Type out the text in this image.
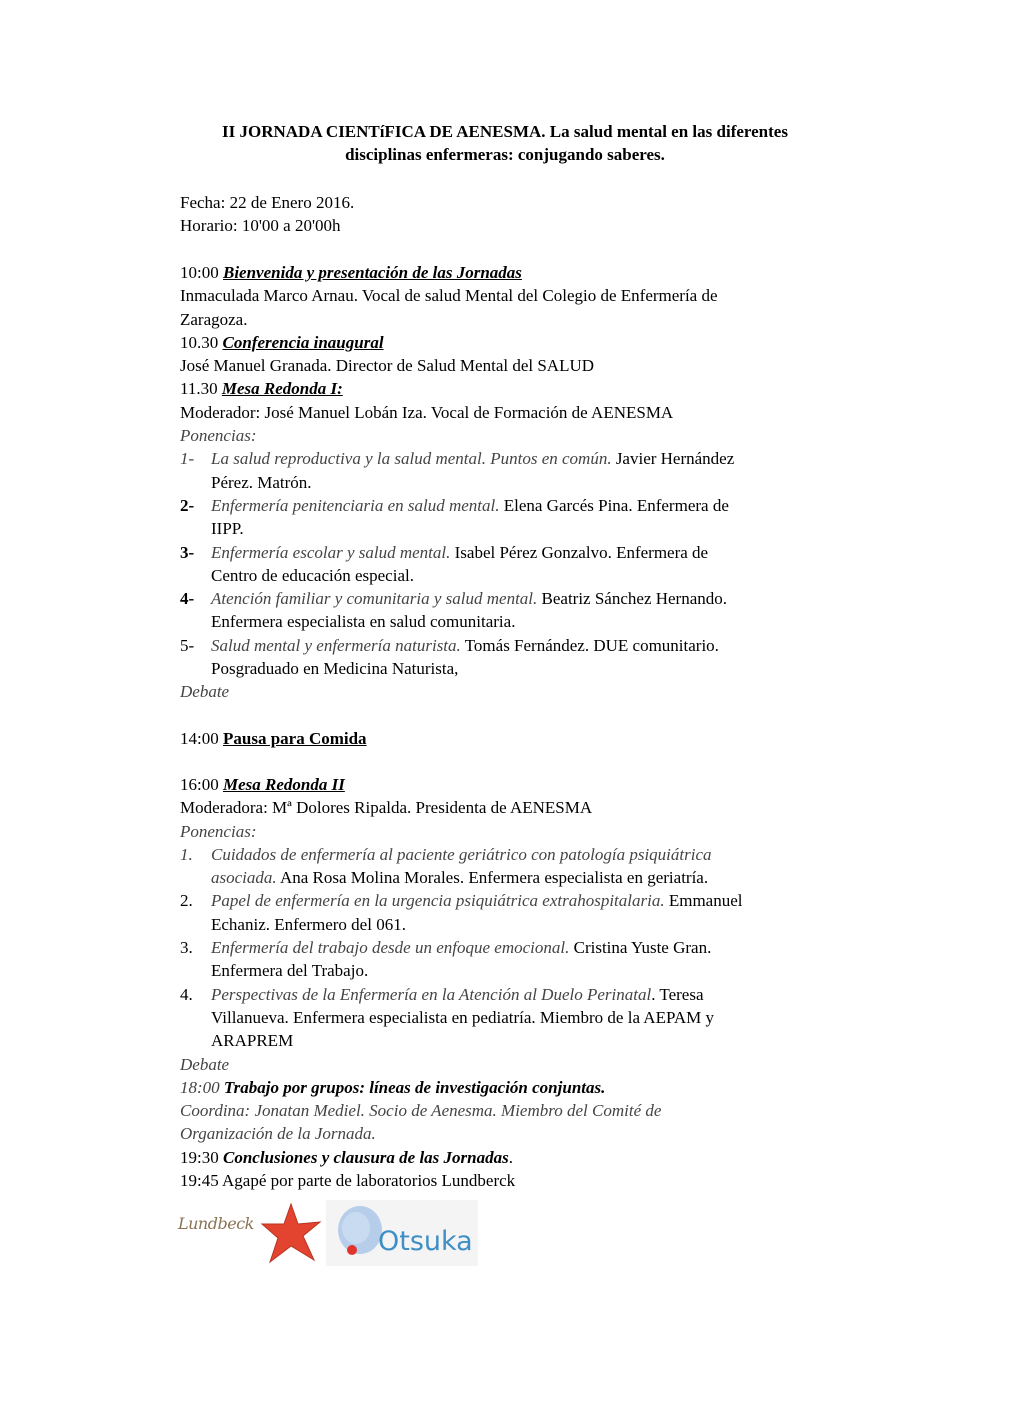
II JORNADA CIENTíFICA DE AENESMA. La salud mental en las diferentes
disciplinas enfermeras: conjugando saberes.
Fecha: 22 de Enero 2016.
Horario: 10'00 a 20'00h
10:00 Bienvenida y presentación de las Jornadas
Inmaculada Marco Arnau. Vocal de salud Mental del Colegio de Enfermería de
Zaragoza.
10.30 Conferencia inaugural
José Manuel Granada. Director de Salud Mental del SALUD
11.30 Mesa Redonda I:
Moderador: José Manuel Lobán Iza. Vocal de Formación de AENESMA
Ponencias:
1- La salud reproductiva y la salud mental. Puntos en común. Javier Hernández
Pérez. Matrón.
2- Enfermería penitenciaria en salud mental. Elena Garcés Pina. Enfermera de
IIPP.
3- Enfermería escolar y salud mental. Isabel Pérez Gonzalvo. Enfermera de
Centro de educación especial.
4- Atención familiar y comunitaria y salud mental. Beatriz Sánchez Hernando.
Enfermera especialista en salud comunitaria.
5- Salud mental y enfermería naturista. Tomás Fernández. DUE comunitario.
Posgraduado en Medicina Naturista,
Debate
14:00 Pausa para Comida
16:00 Mesa Redonda II
Moderadora: Mª Dolores Ripalda. Presidenta de AENESMA
Ponencias:
1. Cuidados de enfermería al paciente geriátrico con patología psiquiátrica
asociada. Ana Rosa Molina Morales. Enfermera especialista en geriatría.
2. Papel de enfermería en la urgencia psiquiátrica extrahospitalaria. Emmanuel
Echaniz. Enfermero del 061.
3. Enfermería del trabajo desde un enfoque emocional. Cristina Yuste Gran.
Enfermera del Trabajo.
4. Perspectivas de la Enfermería en la Atención al Duelo Perinatal. Teresa
Villanueva. Enfermera especialista en pediatría. Miembro de la AEPAM y
ARAPREM
Debate
18:00 Trabajo por grupos: líneas de investigación conjuntas.
Coordina: Jonatan Mediel. Socio de Aenesma. Miembro del Comité de
Organización de la Jornada.
19:30 Conclusiones y clausura de las Jornadas.
19:45 Agapé por parte de laboratorios Lundberck
Lundbeck
Otsuka
